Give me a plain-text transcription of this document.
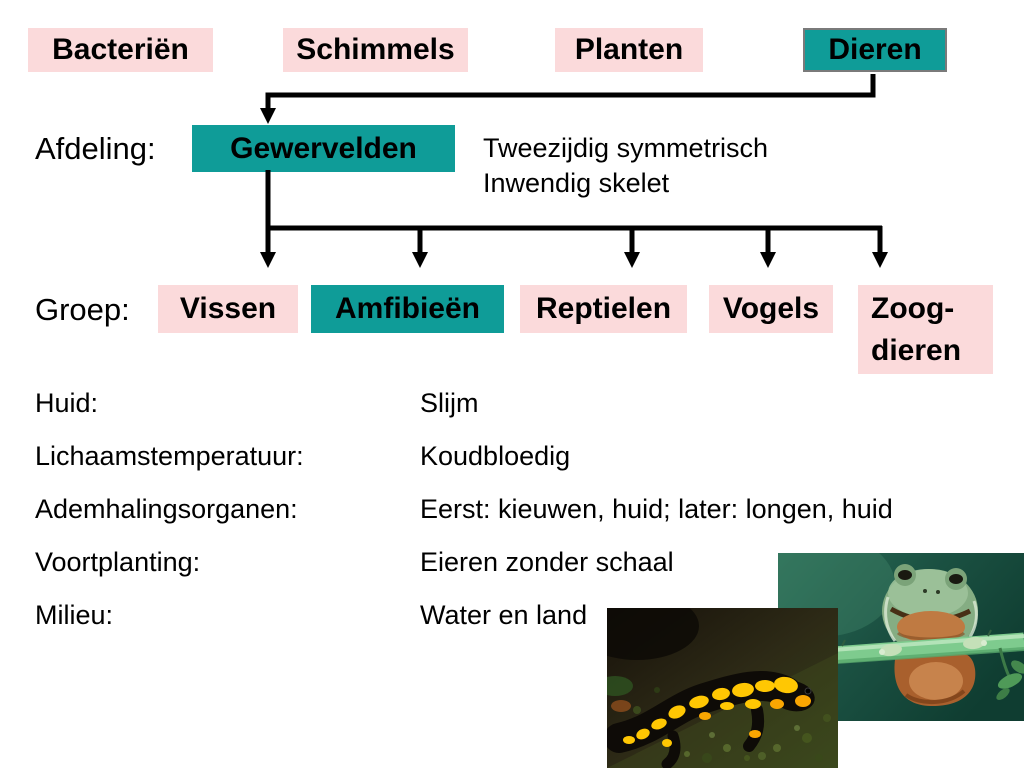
Bacteriën	Schimmels	Planten	Dieren
Afdeling:	Gewervelden	Tweezijdig symmetrisch
Inwendig skelet
Groep:	Vissen	Amfibieën	Reptielen	Vogels	Zoog-
dieren
Huid:	Slijm
Lichaamstemperatuur:	Koudbloedig
Ademhalingsorganen:	Eerst: kieuwen, huid; later: longen, huid
Voortplanting:	Eieren zonder schaal
Milieu:	Water en land
